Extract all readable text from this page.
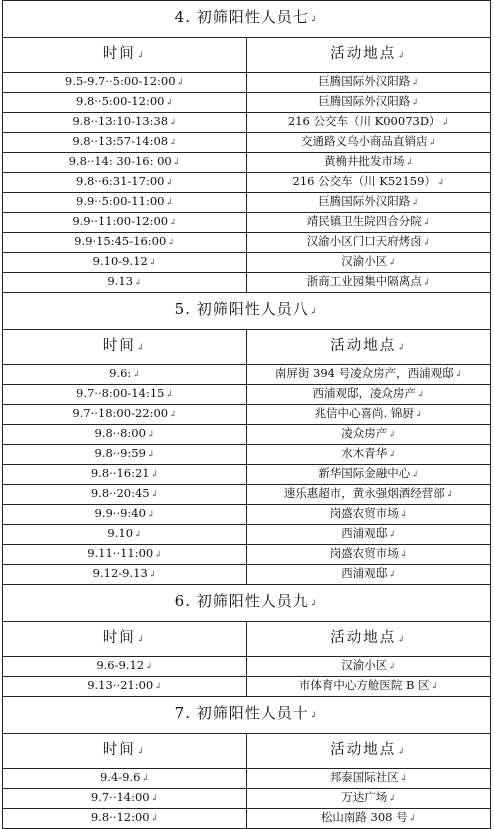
4. 初筛阳性人员七↲	
时间↲	活动地点↲
9.5-9.7··5:00-12:00↲	巨腾国际外汉阳路↲
9.8··5:00-12:00↲	巨腾国际外汉阳路↲
9.8··13:10-13:38↲	216 公交车（川 K00073D）↲
9.8··13:57-14:08↲	交通路义乌小商品直销店↲
9.8··14: 30-16: 00↲	黄桷井批发市场↲
9.8··6:31-17:00↲	216 公交车（川 K52159）↲
9.9··5:00-11:00↲	巨腾国际外汉阳路↲
9.9··11:00-12:00↲	靖民镇卫生院四合分院↲
9.9·15:45-16:00↲	汉渝小区门口天府烤卤↲
9.10-9.12↲	汉渝小区↲
9.13↲	浙商工业园集中隔离点↲
5. 初筛阳性人员八↲	
时间↲	活动地点↲
9.6:↲	南屏街 394 号凌众房产，西浦观邸↲
9.7··8:00-14:15↲	西浦观邸，凌众房产↲
9.7··18:00-22:00↲	兆信中心喜尚. 锦厨↲
9.8··8:00↲	凌众房产↲
9.8··9:59↲	水木青华↲
9.8··16:21↲	新华国际金融中心↲
9.8··20:45↲	速乐惠超市，黄永强烟酒经营部↲
9.9··9:40↲	岗盛农贸市场↲
9.10↲	西浦观邸↲
9.11··11:00↲	岗盛农贸市场↲
9.12-9.13↲	西浦观邸↲
6. 初筛阳性人员九↲	
时间↲	活动地点↲
9.6-9.12↲	汉渝小区↲
9.13··21:00↲	市体育中心方舱医院 B 区↲
7. 初筛阳性人员十↲	
时间↲	活动地点↲
9.4-9.6↲	邦泰国际社区↲
9.7··14:00↲	万达广场↲
9.8··12:00↲	松山南路 308 号↲
